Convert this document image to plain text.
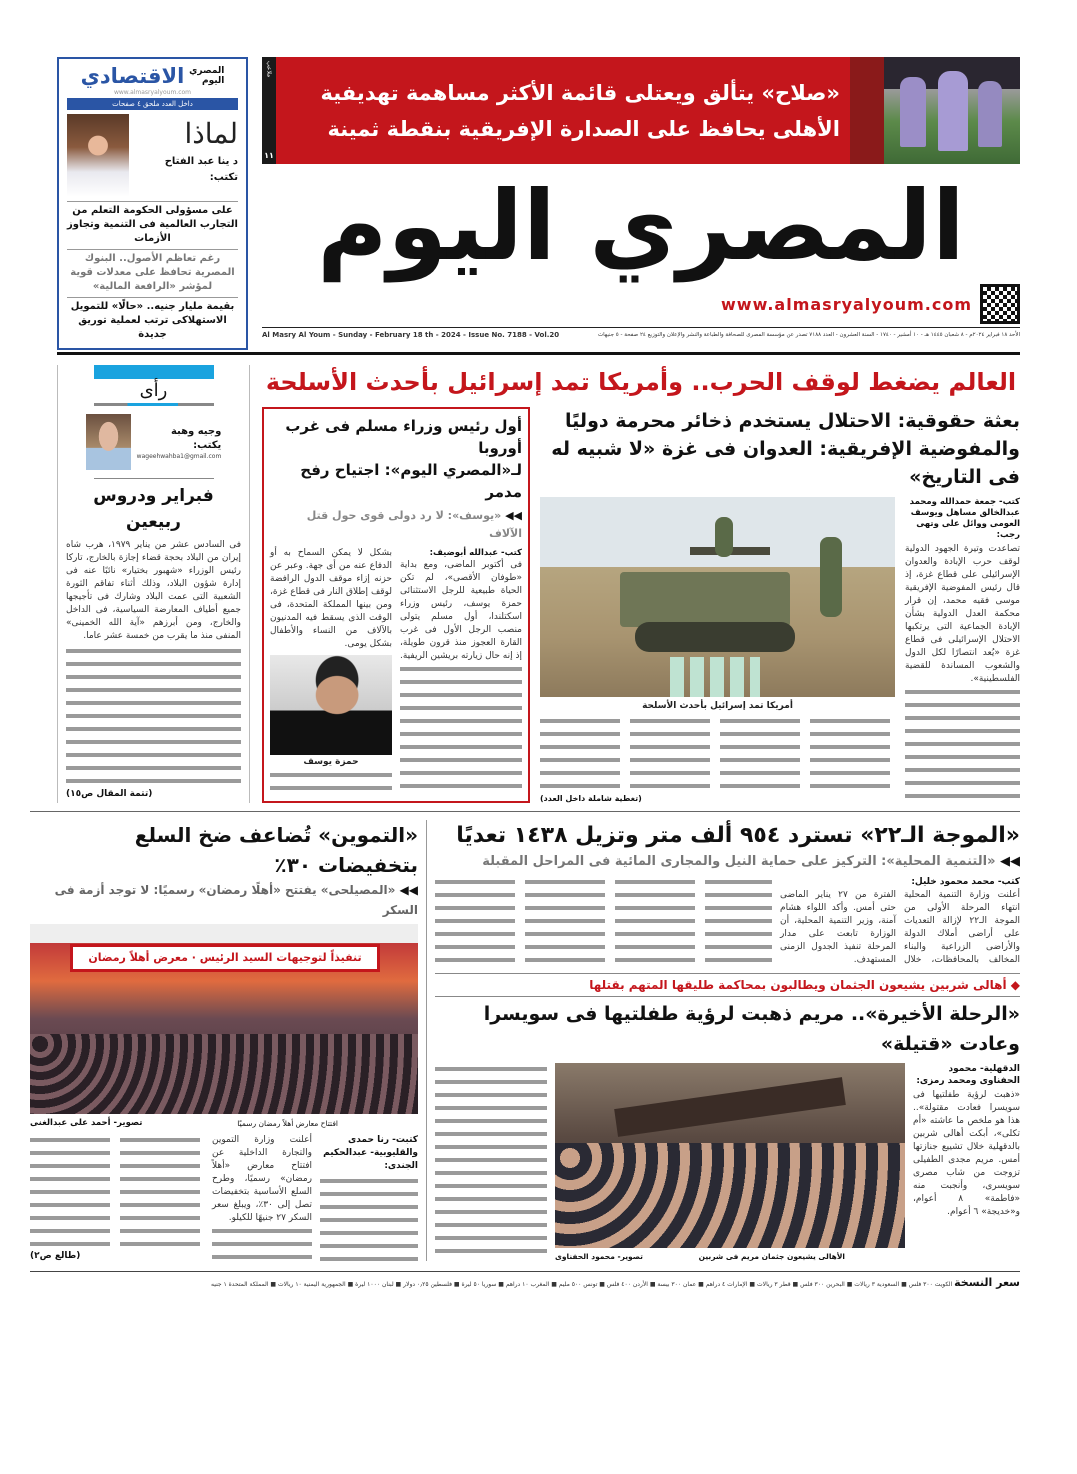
الاقتصادي المصري اليوم
www.almasryalyoum.com
داخل العدد ملحق ٤ صفحات
لماذا
د ينا عبد الفتاح
تكتب:
على مسؤولى الحكومة التعلم من التجارب العالمية فى التنمية وتجاوز الأزمات
رغم تعاظم الأصول.. البنوك المصرية تحافظ على معدلات قوية لمؤشر «الرافعة المالية»
بقيمة مليار جنيه.. «حالًا» للتمويل الاستهلاكى ترتب لعملية توريق جديدة
ملاعب
١١
«صلاح» يتألق ويعتلى قائمة الأكثر مساهمة تهديفية
الأهلى يحافظ على الصدارة الإفريقية بنقطة ثمينة
المصري اليوم
www.almasryalyoum.com
Al Masry Al Youm - Sunday - February 18 th - 2024 - Issue No. 7188 - Vol.20	الأحد ١٨ فبراير ٢٠٢٤م - ٨ شعبان ١٤٤٥ هـ - ١٠ أمشير - ١٧٤٠ - السنة العشرون - العدد ٧١٨٨ تصدر عن مؤسسة المصرى للصحافة والطباعة والنشر والإعلان والتوزيع ٢٤ صفحة - ٥ جنيهات
رأى
وجيه وهبة
يكتب:
wageehwahba1@gmail.com
فبراير ودروس ربيعين
فى السادس عشر من يناير ١٩٧٩، هرب شاه إيران من البلاد بحجة قضاء إجازة بالخارج، تاركا رئيس الوزراء «شهبور بختيار» نائبًا عنه فى إدارة شؤون البلاد، وذلك أثناء تفاقم الثورة الشعبية التى عمت البلاد وشارك فى تأجيجها جميع أطياف المعارضة السياسية، فى الداخل والخارج، ومن أبرزهم «آية الله الخمينى» المنفى منذ ما يقرب من خمسة عشر عاما.
(تتمة المقال ص١٥)
العالم يضغط لوقف الحرب.. وأمريكا تمد إسرائيل بأحدث الأسلحة
أول رئيس وزراء مسلم فى غرب أوروبا
لـ«المصري اليوم»: اجتياح رفح مدمر
◀◀ «يوسف»: لا رد دولى قوى حول قتل الآلاف
بشكل لا يمكن السماح به أو الدفاع عنه من أى جهة. وعبر عن حزنه إزاء موقف الدول الرافضة لوقف إطلاق النار فى قطاع غزة، ومن بينها المملكة المتحدة، فى الوقت الذى يسقط فيه المدنيون بالآلاف من النساء والأطفال بشكل يومى.
حمزة يوسف
كتب- عبدالله أبوضيف:
فى أكتوبر الماضى، ومع بداية «طوفان الأقصى»، لم تكن الحياة طبيعية للرجل الاستثنائى حمزة يوسف، رئيس وزراء اسكتلندا، أول مسلم يتولى منصب الرجل الأول فى غرب القارة العجوز منذ قرون طويلة، إذ إنه حال زيارته بريشين الريفية.
بعثة حقوقية: الاحتلال يستخدم ذخائر محرمة دوليًا
والمفوضية الإفريقية: العدوان فى غزة «لا شبيه له فى التاريخ»
أمريكا تمد إسرائيل بأحدث الأسلحة
(تغطية شاملة داخل العدد)
كتب- جمعة حمدالله ومحمد عبدالخالق مساهل ويوسف العومى ووائل على وتهى رجب:
تصاعدت وتيرة الجهود الدولية لوقف حرب الإبادة والعدوان الإسرائيلى على قطاع غزة، إذ قال رئيس المفوضية الإفريقية موسى فقيه محمد، إن قرار محكمة العدل الدولية بشأن الإبادة الجماعية التى يرتكبها الاحتلال الإسرائيلى فى قطاع غزة «يُعد انتصارًا لكل الدول والشعوب المساندة للقضية الفلسطينية».
«التموين» تُضاعف ضخ السلع بتخفيضات ٣٠٪
◀◀ «المصيلحى» يفتتح «أهلًا رمضان» رسميًا: لا توجد أزمة فى السكر
تنفيذاً لتوجيهات السيد الرئيس · معرض أهلاً رمضان
تصوير- أحمد على عبدالغنى	افتتاح معارض أهلاً رمضان رسميًا
(طالع ص٢)
أعلنت وزارة التموين والتجارة الداخلية عن افتتاح معارض «أهلاً رمضان» رسميًا، وطرح السلع الأساسية بتخفيضات تصل إلى ٣٠٪، ويبلغ سعر السكر ٢٧ جنيهًا للكيلو.
كتبت- رنا حمدى والقليوبية- عبدالحكيم الجندى:
«الموجة الـ٢٢» تسترد ٩٥٤ ألف متر وتزيل ١٤٣٨ تعديًا
◀◀ «التنمية المحلية»: التركيز على حماية النيل والمجارى المائية فى المراحل المقبلة
كتب- محمد محمود خليل:
أعلنت وزارة التنمية المحلية انتهاء المرحلة الأولى من الموجة الـ٢٢ لإزالة التعديات على أراضى أملاك الدولة والأراضى الزراعية والبناء المخالف بالمحافظات، خلال الفترة من ٢٧ يناير الماضى حتى أمس. وأكد اللواء هشام آمنة، وزير التنمية المحلية، أن الوزارة تابعت على مدار المرحلة تنفيذ الجدول الزمنى المستهدف.
◆ أهالى شربين يشيعون الجثمان ويطالبون بمحاكمة طليقها المتهم بقتلها
«الرحلة الأخيرة».. مريم ذهبت لرؤية طفلتيها فى سويسرا وعادت «قتيلة»
تصوير- محمود الحفناوى	الأهالى يشيعون جثمان مريم فى شربين
الدقهلية- محمود الحفناوى ومحمد رمزى:
«ذهبت لرؤية طفلتيها فى سويسرا فعادت مقتولة».. هذا هو ملخص ما عاشته «أم تكلى»، أبكت أهالى شربين بالدقهلية خلال تشييع جنازتها أمس. مريم مجدى الطفيلى تزوجت من شاب مصرى سويسرى، وأنجبت منه «فاطمة» ٨ أعوام، و«خديجة» ٦ أعوام.
سعر النسخة الكويت ٣٠٠ فلس ■ السعودية ٣ ريالات ■ البحرين ٣٠٠ فلس ■ قطر ٣ ريالات ■ الإمارات ٤ دراهم ■ عمان ٣٠٠ بيسة ■ الأردن ٤٠٠ فلس ■ تونس ٥٠٠ مليم ■ المغرب ١٠ دراهم ■ سوريا ٥٠ ليرة ■ فلسطين ٠٫٢٥ دولار ■ لبنان ١٠٠٠ ليرة ■ الجمهورية اليمنية ١٠ ريالات ■ المملكة المتحدة ١ جنيه
